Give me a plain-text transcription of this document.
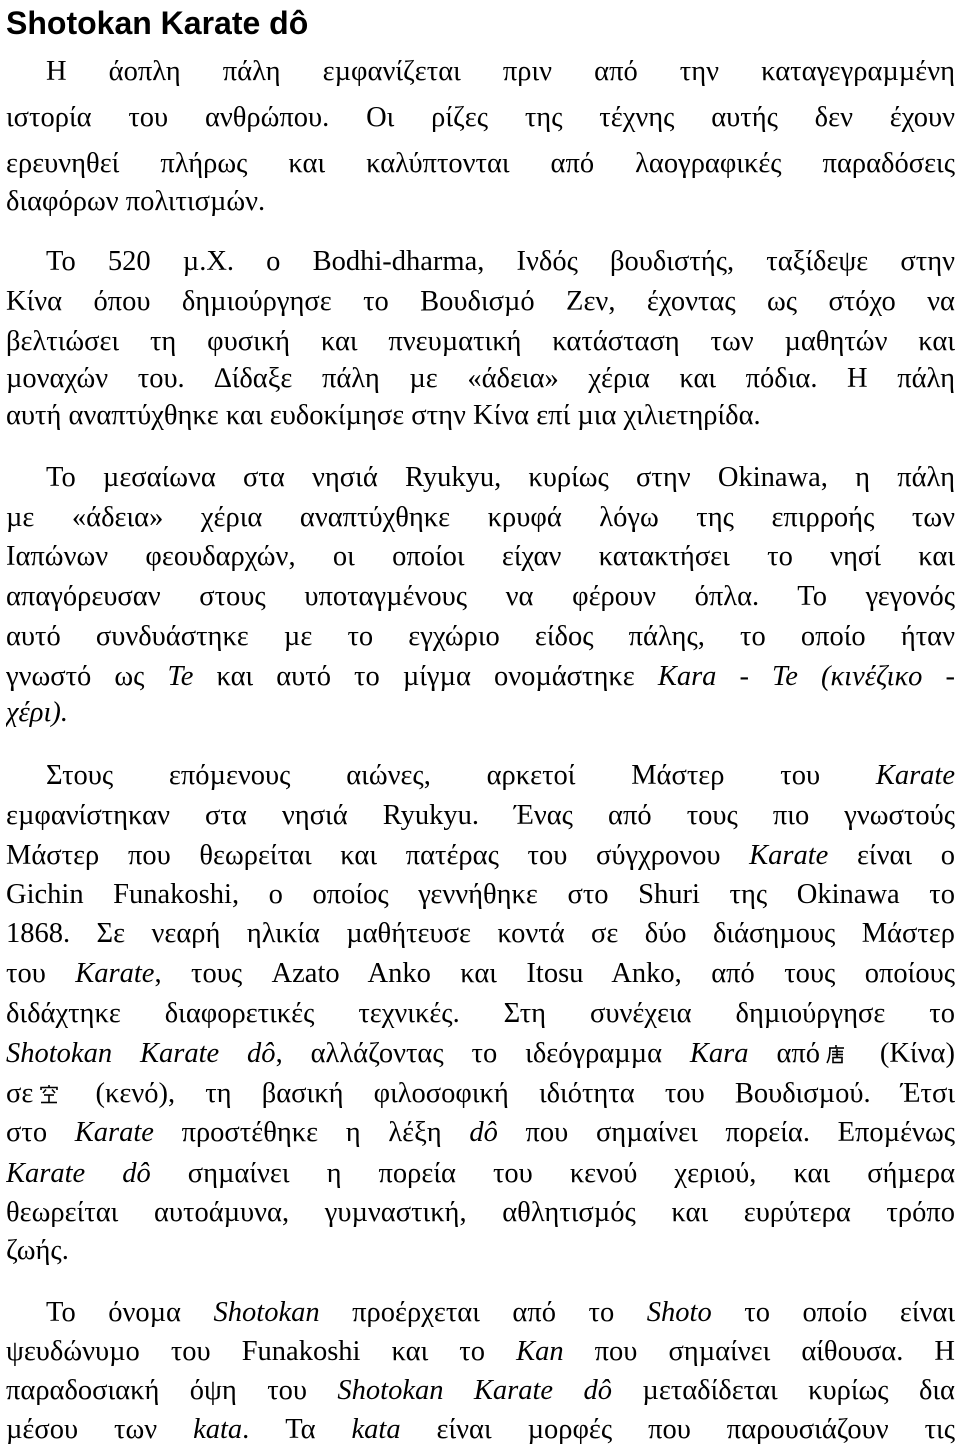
Shotokan Karate dô
Η άοπλη πάλη εµφανίζεται πριν από την καταγεγραµµένη
ιστορία του ανθρώπου. Οι ρίζες της τέχνης αυτής δεν έχουν
ερευνηθεί πλήρως και καλύπτονται από λαογραφικές παραδόσεις
διαφόρων πολιτισµών.
Το 520 µ.Χ. ο Bodhi-dharma, Ινδός βουδιστής, ταξίδεψε στην
Κίνα όπου δηµιούργησε το Βουδισµό Ζεν, έχοντας ως στόχο να
βελτιώσει τη φυσική και πνευµατική κατάσταση των µαθητών και
µοναχών του. ∆ίδαξε πάλη µε «άδεια» χέρια και πόδια. Η πάλη
αυτή αναπτύχθηκε και ευδοκίµησε στην Κίνα επί µια χιλιετηρίδα.
Το µεσαίωνα στα νησιά Ryukyu, κυρίως στην Okinawa, η πάλη
µε «άδεια» χέρια αναπτύχθηκε κρυφά λόγω της επιρροής των
Ιαπώνων φεουδαρχών, οι οποίοι είχαν κατακτήσει το νησί και
απαγόρευσαν στους υποταγµένους να φέρουν όπλα. Το γεγονός
αυτό συνδυάστηκε µε το εγχώριο είδος πάλης, το οποίο ήταν
γνωστό ως Te και αυτό το µίγµα ονοµάστηκε Kara - Te (κινέζικο -
χέρι).
Στους επόµενους αιώνες, αρκετοί Μάστερ του Karate
εµφανίστηκαν στα νησιά Ryukyu. Ένας από τους πιο γνωστούς
Μάστερ που θεωρείται και πατέρας του σύγχρονου Karate είναι ο
Gichin Funakoshi, ο οποίος γεννήθηκε στο Shuri της Okinawa το
1868. Σε νεαρή ηλικία µαθήτευσε κοντά σε δύο διάσηµους Μάστερ
του Karate, τους Azato Anko και Itosu Anko, από τους οποίους
διδάχτηκε διαφορετικές τεχνικές. Στη συνέχεια δηµιούργησε το
Shotokan Karate dô, αλλάζοντας το ιδεόγραµµα Kara από
(Κίνα)
σε
(κενό), τη βασική φιλοσοφική ιδιότητα του Βουδισµού. Έτσι
στο Karate προστέθηκε η λέξη dô που σηµαίνει πορεία. Εποµένως
Karate dô σηµαίνει η πορεία του κενού χεριού, και σήµερα
θεωρείται αυτοάµυνα, γυµναστική, αθλητισµός και ευρύτερα τρόπο
ζωής.
Το όνοµα Shotokan προέρχεται από το Shoto το οποίο είναι
ψευδώνυµο του Funakoshi και το Kan που σηµαίνει αίθουσα. Η
παραδοσιακή όψη του Shotokan Karate dô µεταδίδεται κυρίως δια
µέσου των kata. Τα kata είναι µορφές που παρουσιάζουν τις
